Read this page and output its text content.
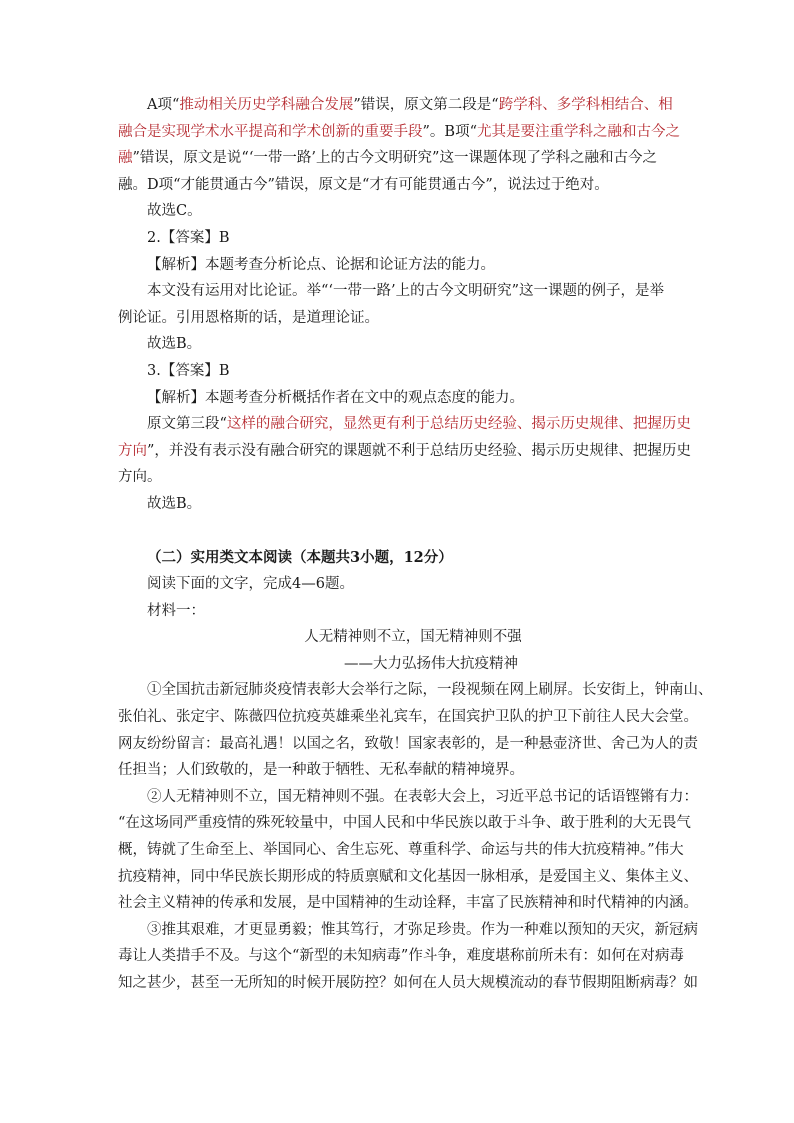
A项“推动相关历史学科融合发展”错误，原文第二段是“跨学科、多学科相结合、相
融合是实现学术水平提高和学术创新的重要手段”。B项“尤其是要注重学科之融和古今之
融”错误，原文是说“‘一带一路’上的古今文明研究”这一课题体现了学科之融和古今之
融。D项“才能贯通古今”错误，原文是“才有可能贯通古今”，说法过于绝对。
故选C。
2.【答案】B
【解析】本题考查分析论点、论据和论证方法的能力。
本文没有运用对比论证。举“‘一带一路’上的古今文明研究”这一课题的例子，是举
例论证。引用恩格斯的话，是道理论证。
故选B。
3.【答案】B
【解析】本题考查分析概括作者在文中的观点态度的能力。
原文第三段“这样的融合研究，显然更有利于总结历史经验、揭示历史规律、把握历史
方向”，并没有表示没有融合研究的课题就不利于总结历史经验、揭示历史规律、把握历史
方向。
故选B。
（二）实用类文本阅读（本题共3小题，12分）
阅读下面的文字，完成4—6题。
材料一：
人无精神则不立，国无精神则不强
——大力弘扬伟大抗疫精神
①全国抗击新冠肺炎疫情表彰大会举行之际，一段视频在网上刷屏。长安街上，钟南山、
张伯礼、张定宇、陈薇四位抗疫英雄乘坐礼宾车，在国宾护卫队的护卫下前往人民大会堂。
网友纷纷留言：最高礼遇！以国之名，致敬！国家表彰的，是一种悬壶济世、舍己为人的责
任担当；人们致敬的，是一种敢于牺牲、无私奉献的精神境界。
②人无精神则不立，国无精神则不强。在表彰大会上，习近平总书记的话语铿锵有力：
“在这场同严重疫情的殊死较量中，中国人民和中华民族以敢于斗争、敢于胜利的大无畏气
概，铸就了生命至上、举国同心、舍生忘死、尊重科学、命运与共的伟大抗疫精神。”伟大
抗疫精神，同中华民族长期形成的特质禀赋和文化基因一脉相承，是爱国主义、集体主义、
社会主义精神的传承和发展，是中国精神的生动诠释，丰富了民族精神和时代精神的内涵。
③推其艰难，才更显勇毅；惟其笃行，才弥足珍贵。作为一种难以预知的天灾，新冠病
毒让人类措手不及。与这个“新型的未知病毒”作斗争，难度堪称前所未有：如何在对病毒
知之甚少，甚至一无所知的时候开展防控？如何在人员大规模流动的春节假期阻断病毒？如
